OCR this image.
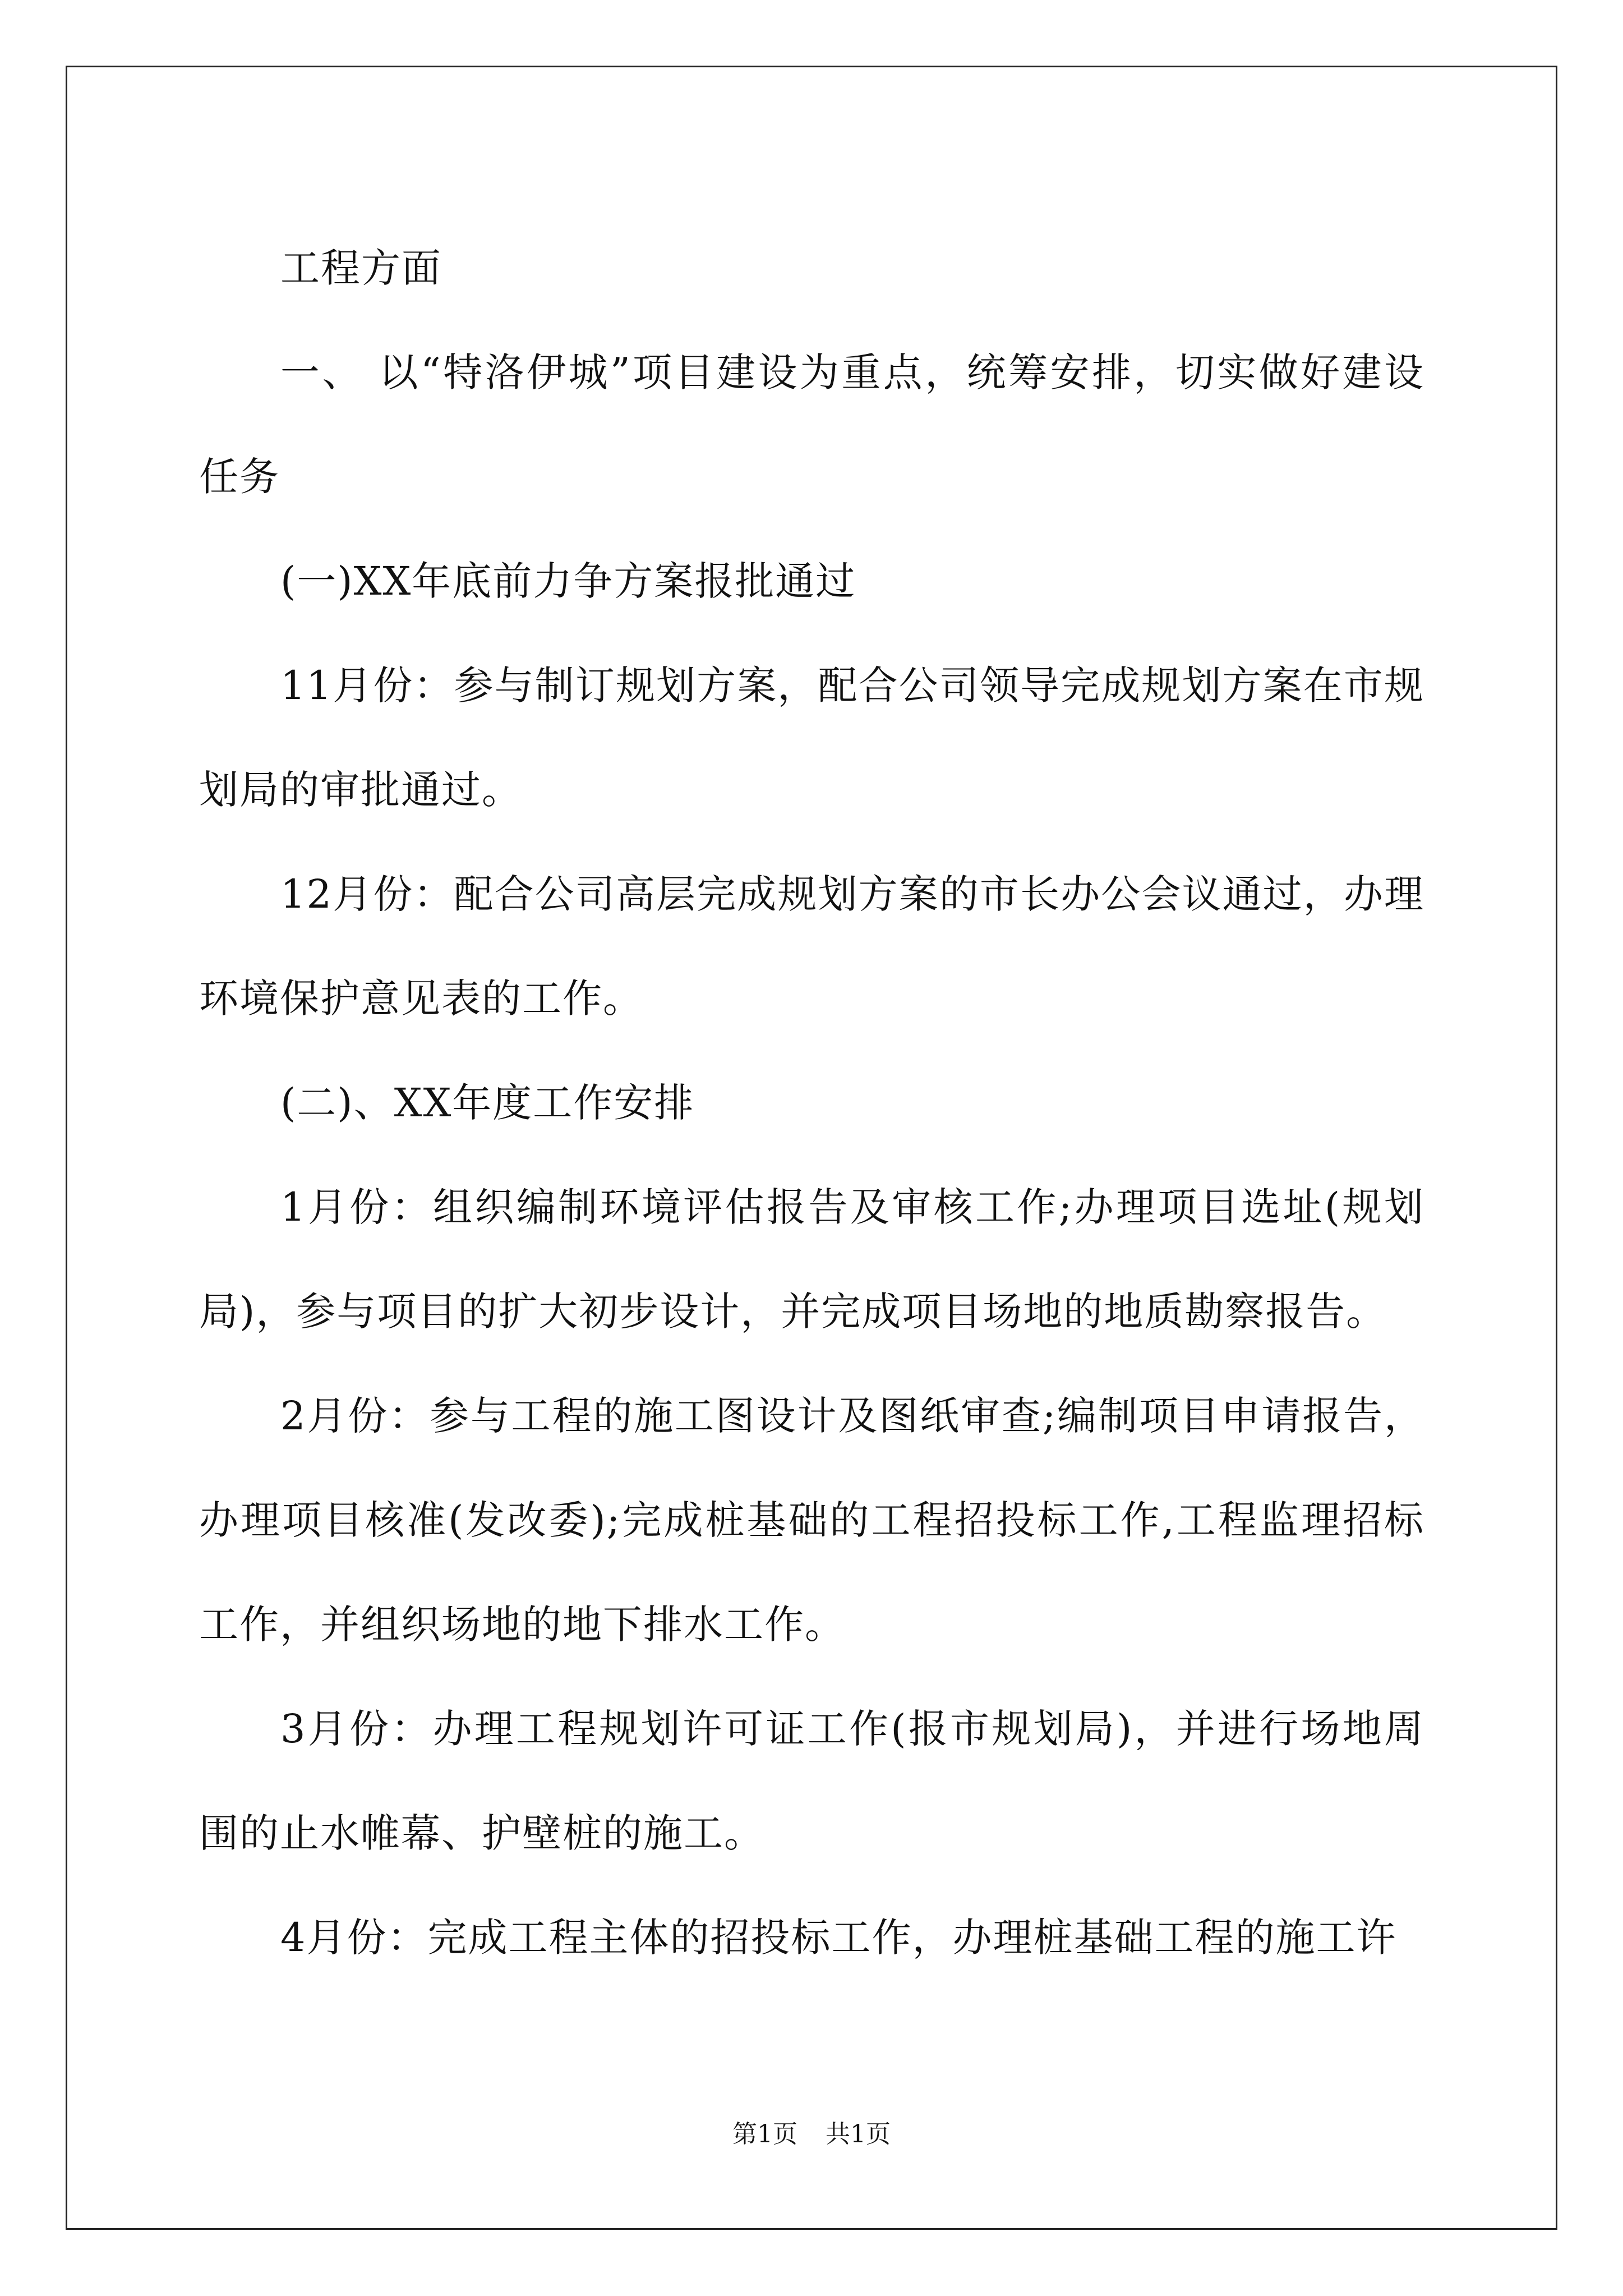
工程方面

一、 以“特洛伊城”项目建设为重点，统筹安排，切实做好建设任务

(一)XX年底前力争方案报批通过

11月份：参与制订规划方案，配合公司领导完成规划方案在市规划局的审批通过。

12月份：配合公司高层完成规划方案的市长办公会议通过，办理环境保护意见表的工作。

(二)、XX年度工作安排

1月份：组织编制环境评估报告及审核工作;办理项目选址(规划局)，参与项目的扩大初步设计，并完成项目场地的地质勘察报告。

2月份：参与工程的施工图设计及图纸审查;编制项目申请报告，办理项目核准(发改委);完成桩基础的工程招投标工作,工程监理招标工作，并组织场地的地下排水工作。

3月份：办理工程规划许可证工作(报市规划局)，并进行场地周围的止水帷幕、护壁桩的施工。

4月份：完成工程主体的招投标工作，办理桩基础工程的施工许

第1页 共1页
